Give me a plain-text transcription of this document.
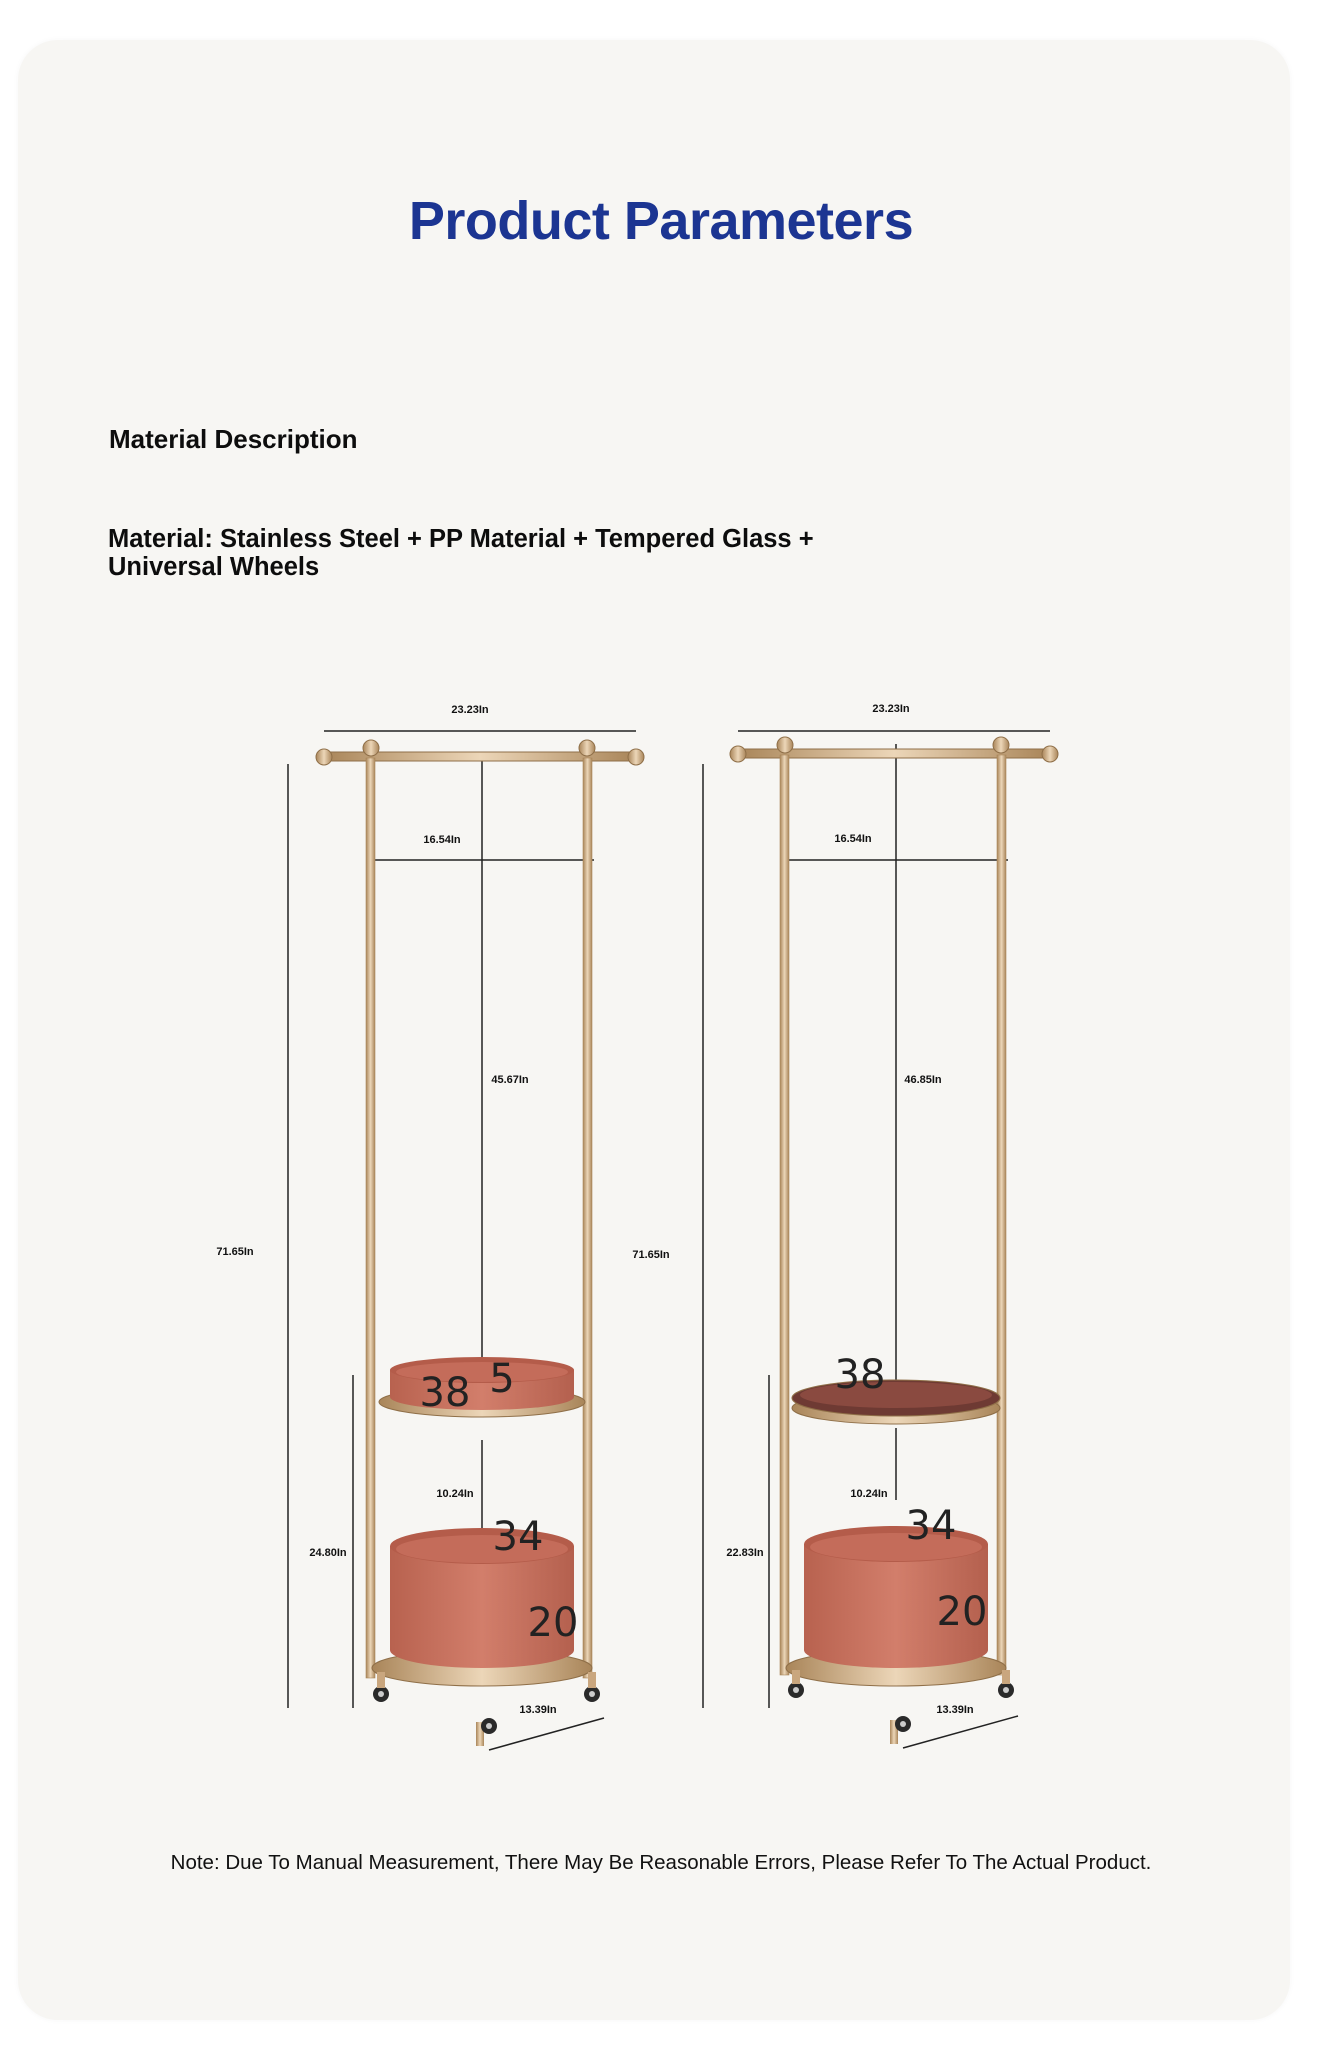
Product Parameters
Material Description
Material: Stainless Steel + PP Material + Tempered Glass + Universal Wheels
23.23In
16.54In
45.67In
71.65In
10.24In
24.80In
13.39In
38 5
34
20
23.23In
16.54In
46.85In
71.65In
10.24In
22.83In
13.39In
38
34
20
Note: Due To Manual Measurement, There May Be Reasonable Errors, Please Refer To The Actual Product.
